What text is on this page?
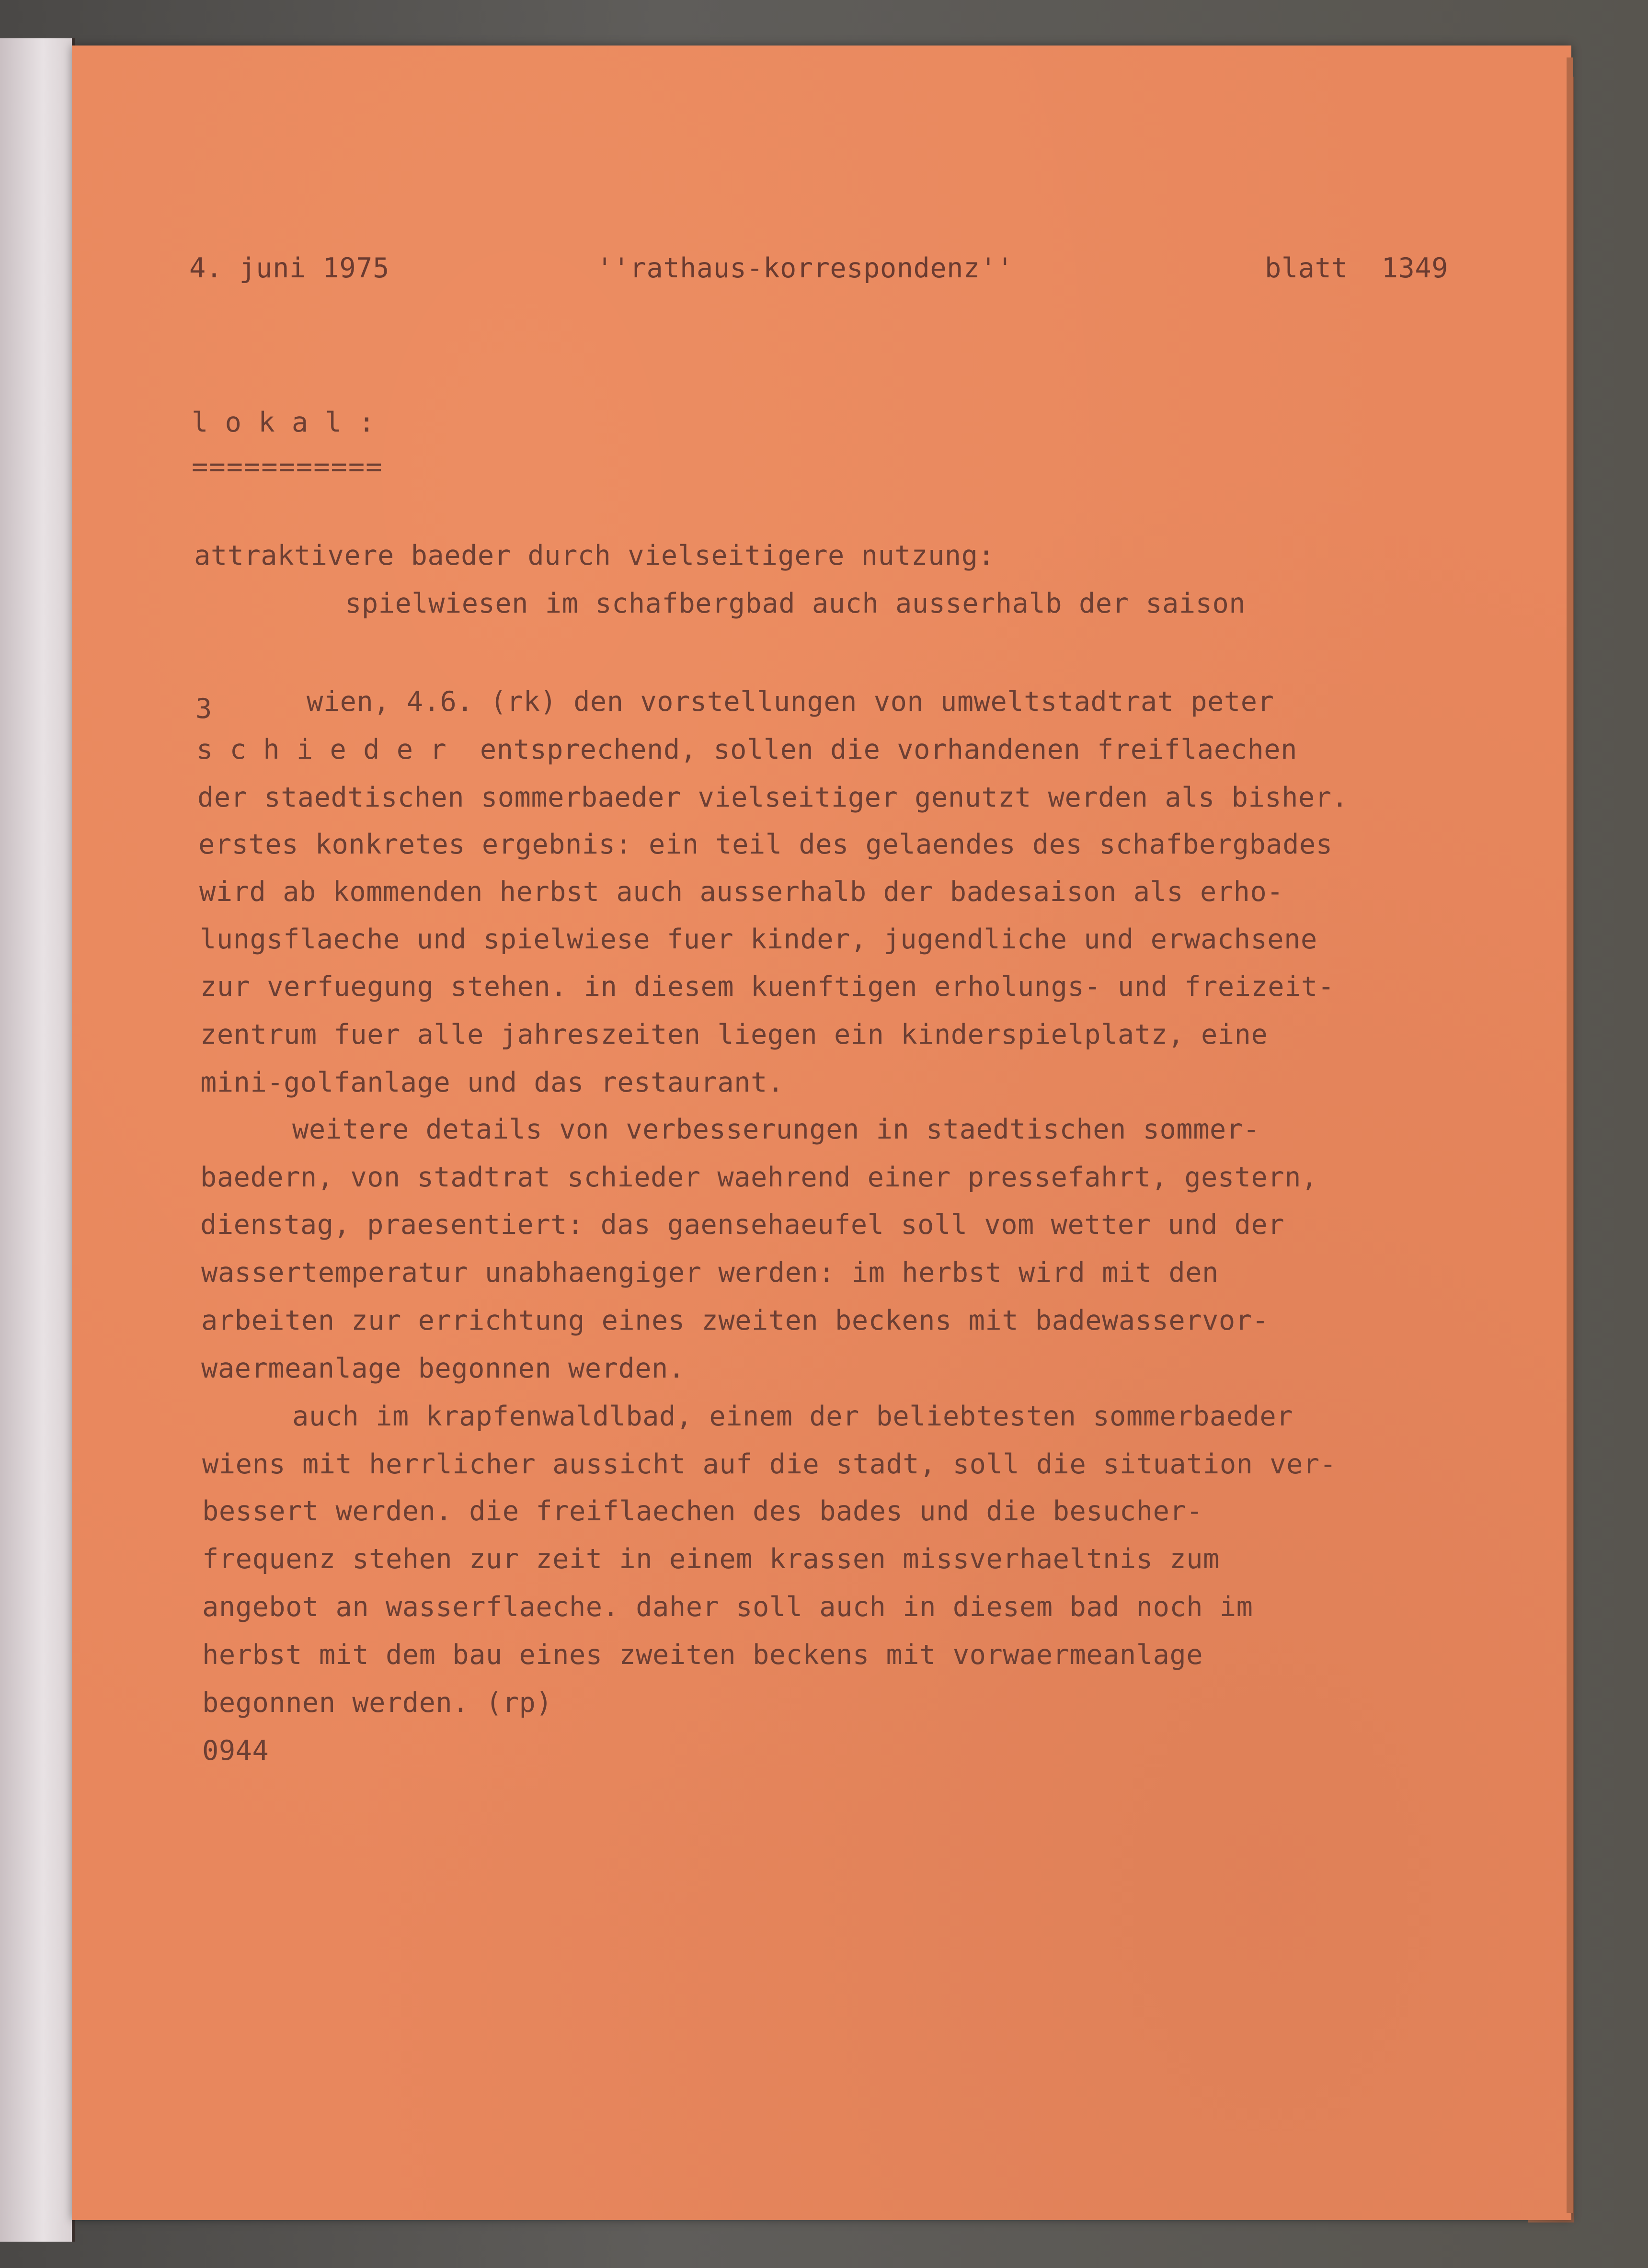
4. juni 1975	''rathaus-korrespondenz''	blatt  1349
l o k a l :
===========
attraktivere baeder durch vielseitigere nutzung:
spielwiesen im schafbergbad auch ausserhalb der saison
3	wien, 4.6. (rk) den vorstellungen von umweltstadtrat peter
s c h i e d e r  entsprechend, sollen die vorhandenen freiflaechen
der staedtischen sommerbaeder vielseitiger genutzt werden als bisher.
erstes konkretes ergebnis: ein teil des gelaendes des schafbergbades
wird ab kommenden herbst auch ausserhalb der badesaison als erho-
lungsflaeche und spielwiese fuer kinder, jugendliche und erwachsene
zur verfuegung stehen. in diesem kuenftigen erholungs- und freizeit-
zentrum fuer alle jahreszeiten liegen ein kinderspielplatz, eine
mini-golfanlage und das restaurant.
weitere details von verbesserungen in staedtischen sommer-
baedern, von stadtrat schieder waehrend einer pressefahrt, gestern,
dienstag, praesentiert: das gaensehaeufel soll vom wetter und der
wassertemperatur unabhaengiger werden: im herbst wird mit den
arbeiten zur errichtung eines zweiten beckens mit badewasservor-
waermeanlage begonnen werden.
auch im krapfenwaldlbad, einem der beliebtesten sommerbaeder
wiens mit herrlicher aussicht auf die stadt, soll die situation ver-
bessert werden. die freiflaechen des bades und die besucher-
frequenz stehen zur zeit in einem krassen missverhaeltnis zum
angebot an wasserflaeche. daher soll auch in diesem bad noch im
herbst mit dem bau eines zweiten beckens mit vorwaermeanlage
begonnen werden. (rp)
0944
